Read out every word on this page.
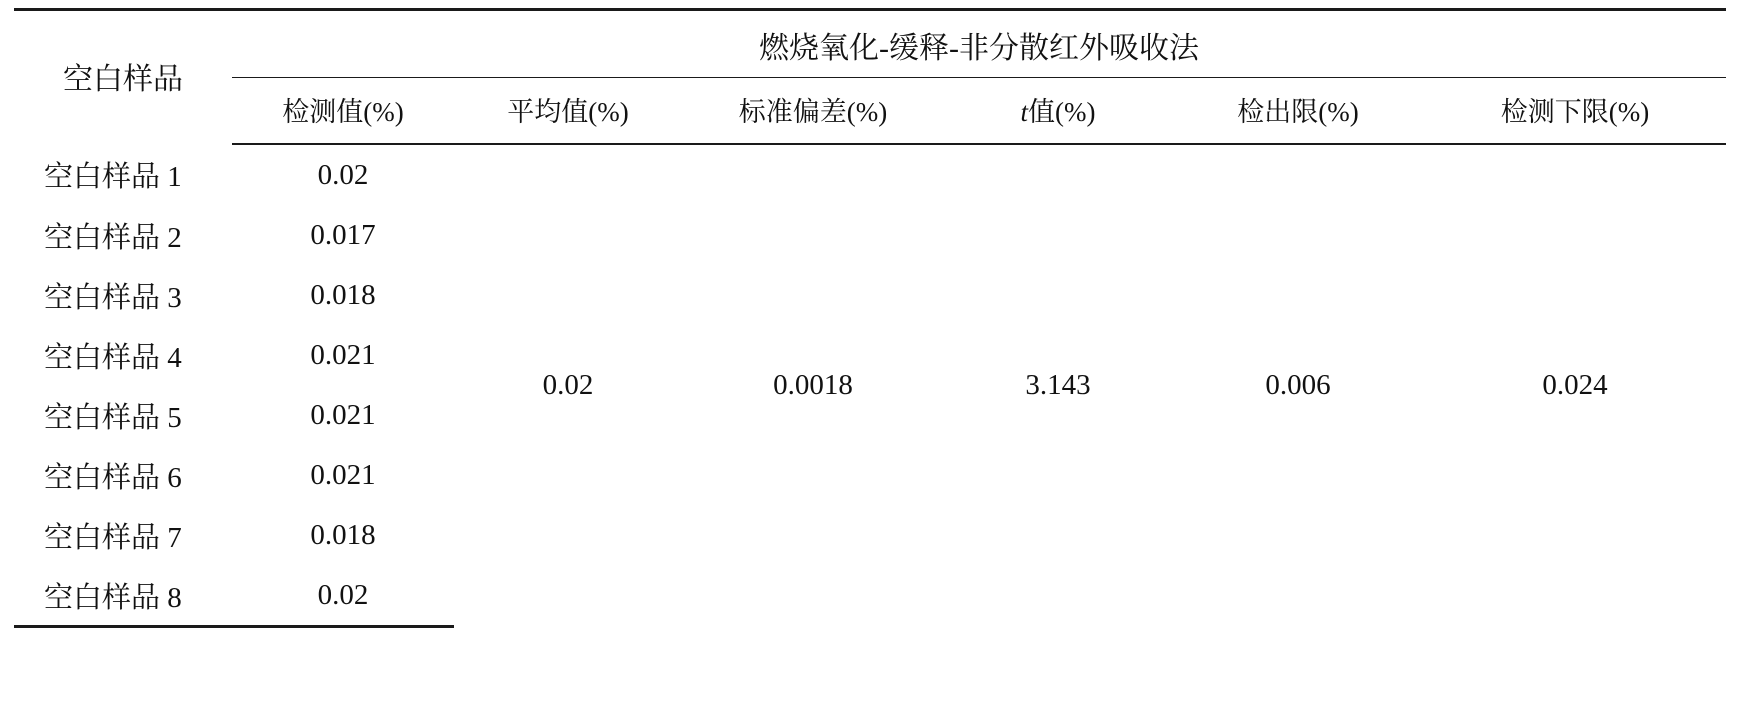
空白样品	燃烧氧化-缓释-非分散红外吸收法					
	检测值(%)	平均值(%)	标准偏差(%)	t值(%)	检出限(%)	检测下限(%)
空白样品 1	0.02	0.02	0.0018	3.143	0.006	0.024
空白样品 2	0.017					
空白样品 3	0.018					
空白样品 4	0.021					
空白样品 5	0.021					
空白样品 6	0.021					
空白样品 7	0.018					
空白样品 8	0.02					
